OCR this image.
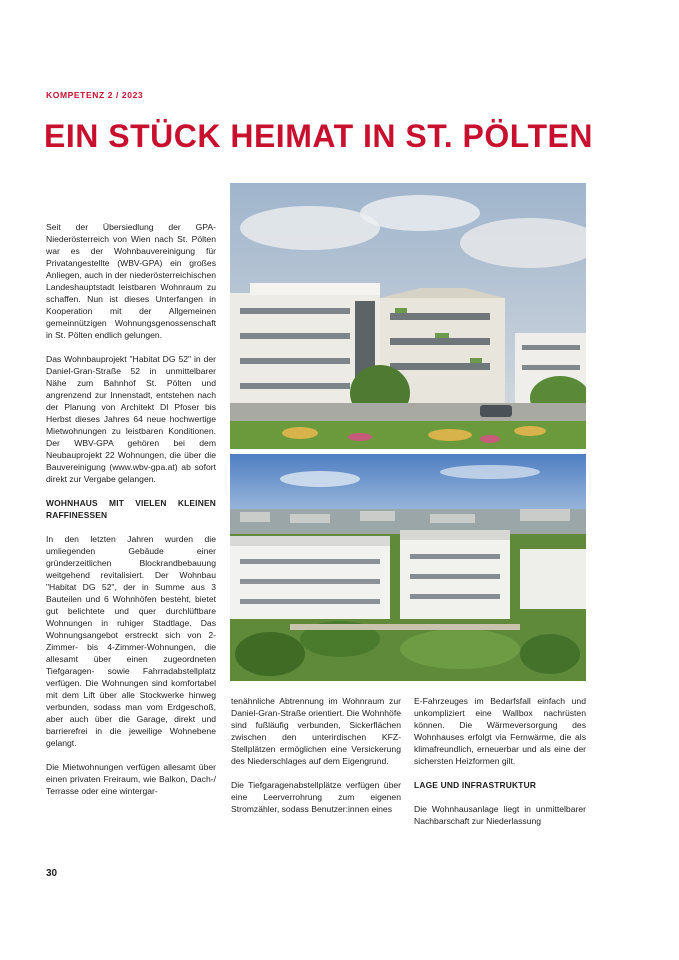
KOMPETENZ 2 / 2023
EIN STÜCK HEIMAT IN ST. PÖLTEN

Seit der Übersiedlung der GPA-Niederösterreich von Wien nach St. Pölten war es der Wohnbauvereinigung für Privatangestellte (WBV-GPA) ein großes Anliegen, auch in der niederösterreichischen Landeshauptstadt leistbaren Wohnraum zu schaffen. Nun ist dieses Unterfangen in Kooperation mit der Allgemeinen gemeinnützigen Wohnungsgenossenschaft in St. Pölten endlich gelungen.

Das Wohnbauprojekt "Habitat DG 52" in der Daniel-Gran-Straße 52 in unmittelbarer Nähe zum Bahnhof St. Pölten und angrenzend zur Innenstadt, entstehen nach der Planung von Architekt DI Pfoser bis Herbst dieses Jahres 64 neue hochwertige Mietwohnungen zu leistbaren Konditionen. Der WBV-GPA gehören bei dem Neubauprojekt 22 Wohnungen, die über die Bauvereinigung (www.wbv-gpa.at) ab sofort direkt zur Vergabe gelangen.

WOHNHAUS MIT VIELEN KLEINEN RAFFINESSEN

In den letzten Jahren wurden die umliegenden Gebäude einer gründerzeitlichen Blockrandbebauung weitgehend revitalisiert. Der Wohnbau "Habitat DG 52", der in Summe aus 3 Bauteilen und 6 Wohnhöfen besteht, bietet gut belichtete und quer durchlüftbare Wohnungen in ruhiger Stadtlage. Das Wohnungsangebot erstreckt sich von 2-Zimmer- bis 4-Zimmer-Wohnungen, die allesamt über einen zugeordneten Tiefgaragen- sowie Fahrradabstellplatz verfügen. Die Wohnungen sind komfortabel mit dem Lift über alle Stockwerke hinweg verbunden, sodass man vom Erdgeschoß, aber auch über die Garage, direkt und barrierefrei in die jeweilige Wohnebene gelangt.

Die Mietwohnungen verfügen allesamt über einen privaten Freiraum, wie Balkon, Dach-/ Terrasse oder eine wintergar-

tenähnliche Abtrennung im Wohnraum zur Daniel-Gran-Straße orientiert. Die Wohnhöfe sind fußläufig verbunden, Sickerflächen zwischen den unterirdischen KFZ-Stellplätzen ermöglichen eine Versickerung des Niederschlages auf dem Eigengrund.

Die Tiefgaragenabstellplätze verfügen über eine Leerverrohrung zum eigenen Stromzähler, sodass Benutzer:innen eines

E-Fahrzeuges im Bedarfsfall einfach und unkompliziert eine Wallbox nachrüsten können. Die Wärmeversorgung des Wohnhauses erfolgt via Fernwärme, die als klimafreundlich, erneuerbar und als eine der sichersten Heizformen gilt.

LAGE UND INFRASTRUKTUR

Die Wohnhausanlage liegt in unmittelbarer Nachbarschaft zur Niederlassung

30
